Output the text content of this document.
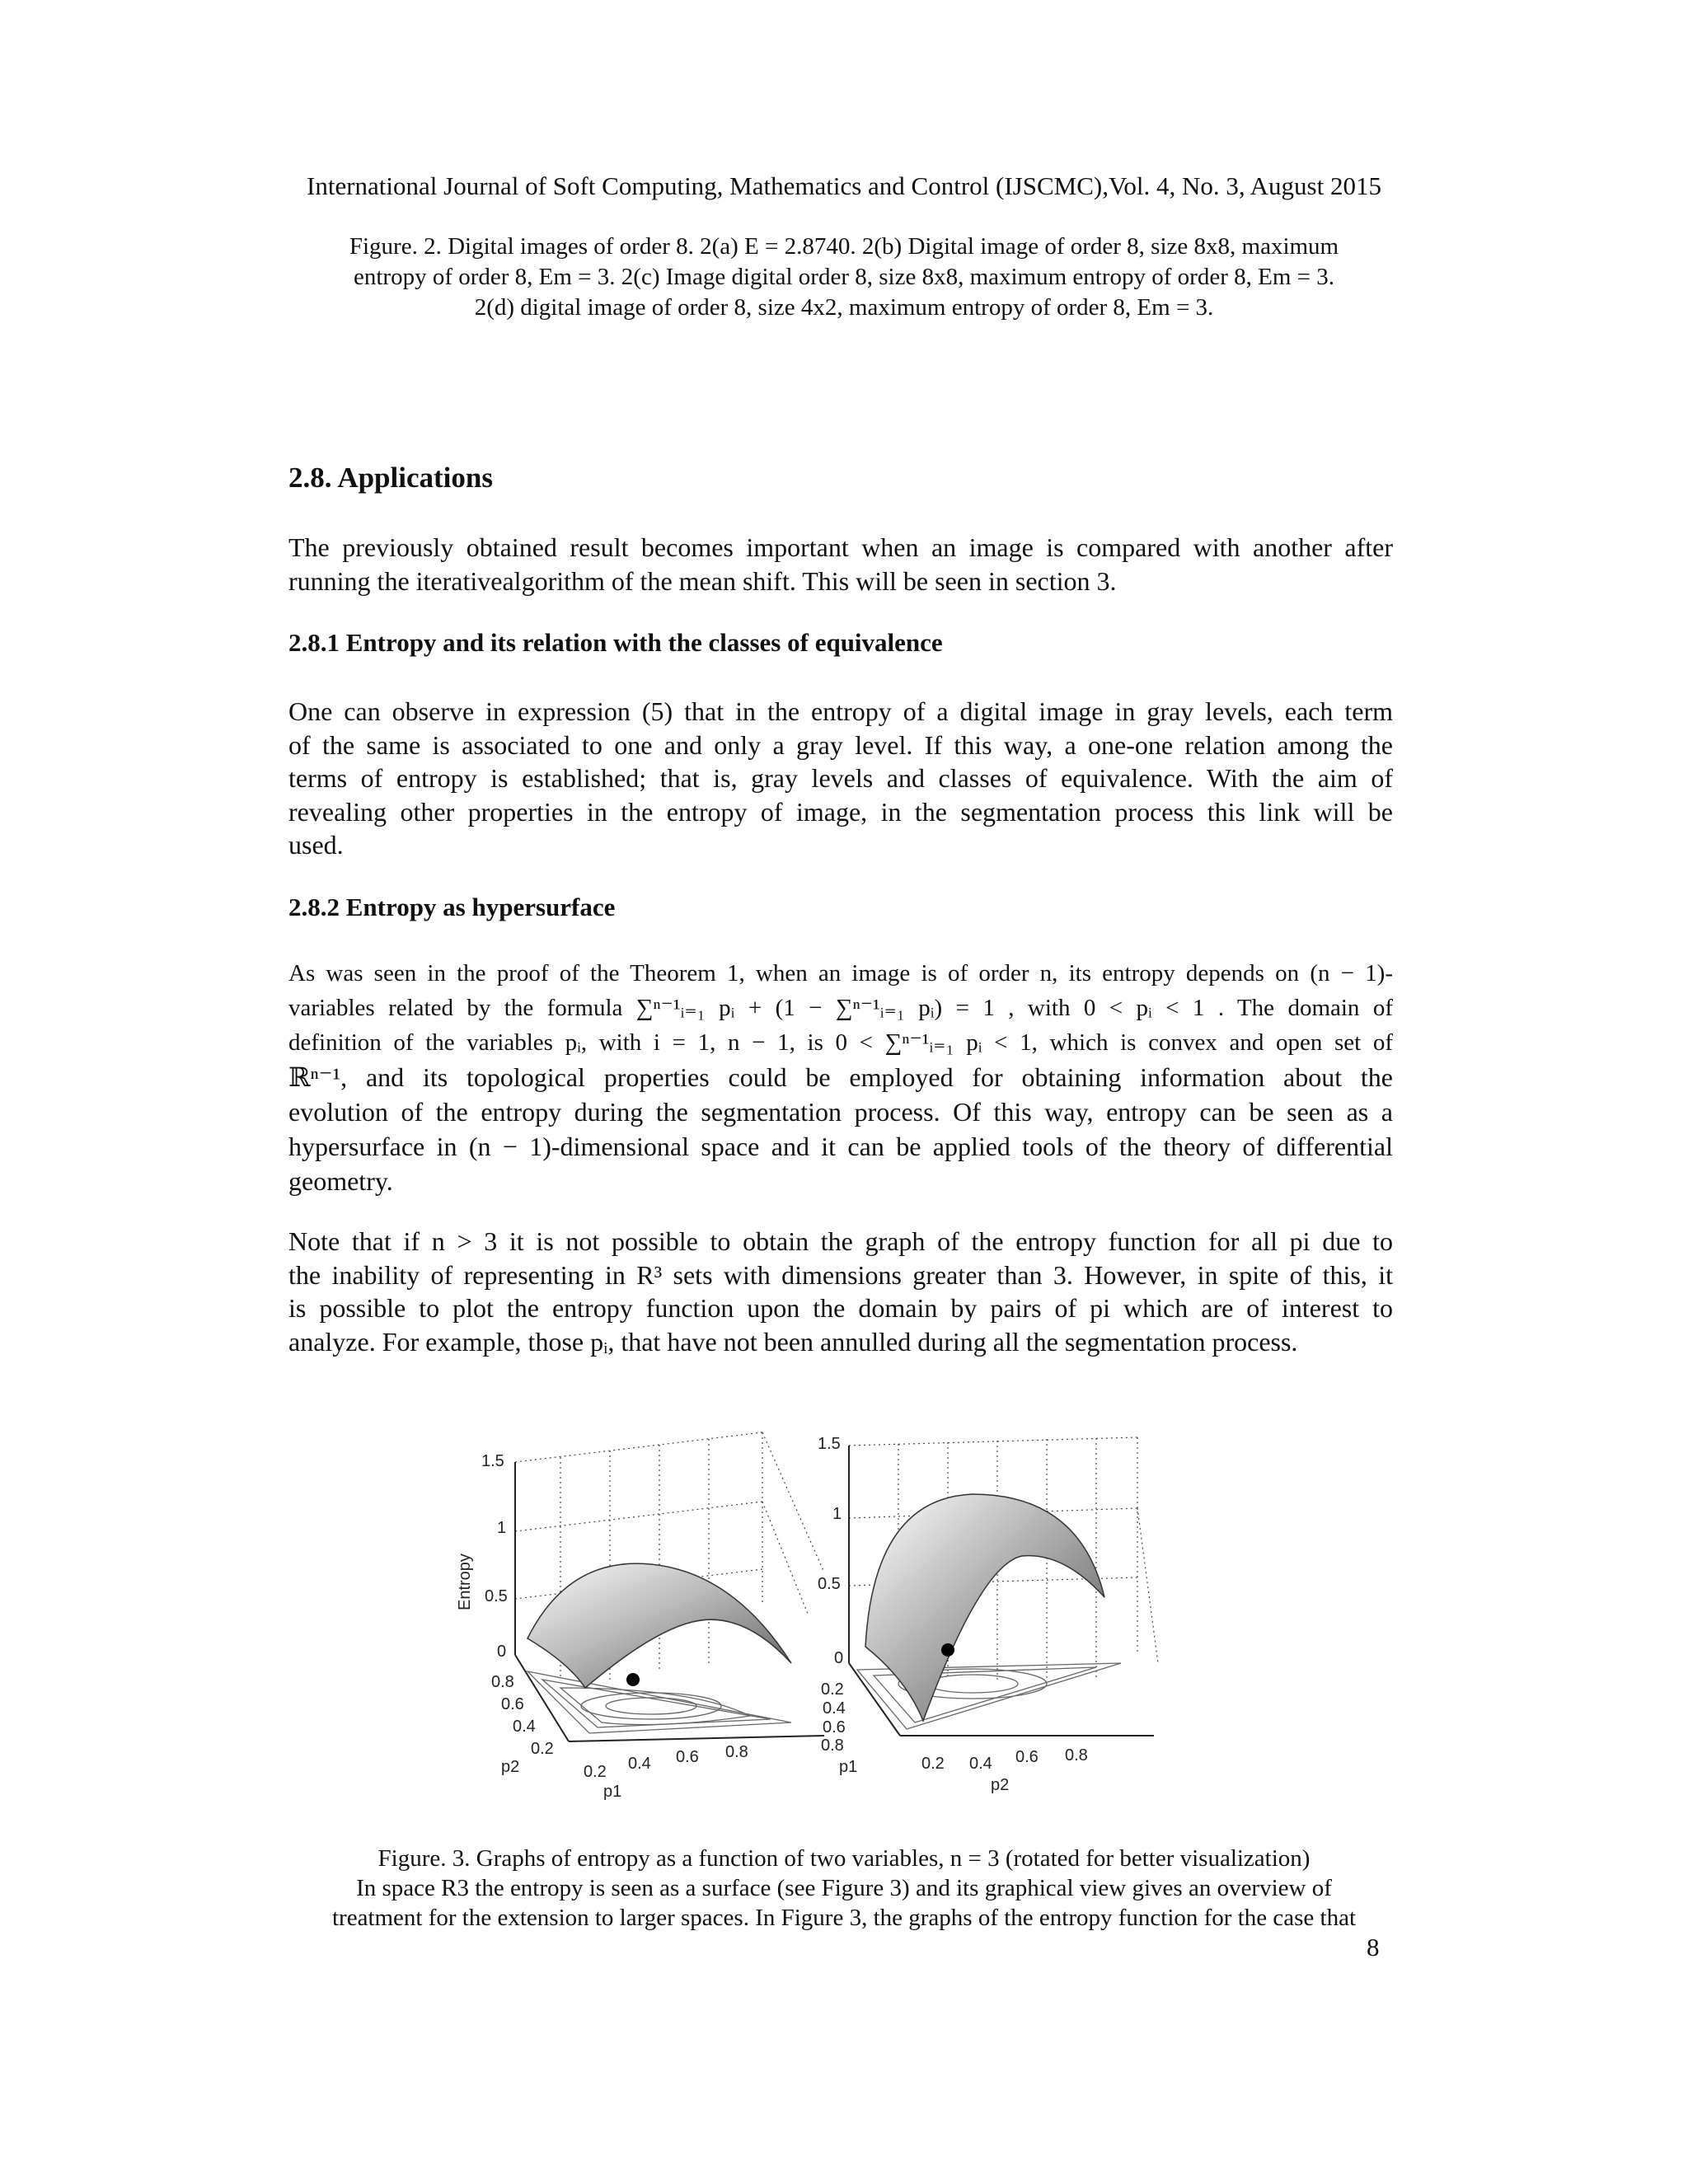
International Journal of Soft Computing, Mathematics and Control (IJSCMC),Vol. 4, No. 3, August 2015
Figure. 2. Digital images of order 8. 2(a) E = 2.8740. 2(b) Digital image of order 8, size 8x8, maximum
entropy of order 8, Em = 3. 2(c) Image digital order 8, size 8x8, maximum entropy of order 8, Em = 3.
2(d) digital image of order 8, size 4x2, maximum entropy of order 8, Em = 3.
2.8. Applications
The previously obtained result becomes important when an image is compared with another after
running the iterativealgorithm of the mean shift. This will be seen in section 3.
2.8.1 Entropy and its relation with the classes of equivalence
One can observe in expression (5) that in the entropy of a digital image in gray levels, each term
of the same is associated to one and only a gray level. If this way, a one-one relation among the
terms of entropy is established; that is, gray levels and classes of equivalence. With the aim of
revealing other properties in the entropy of image, in the segmentation process this link will be
used.
2.8.2 Entropy as hypersurface
As was seen in the proof of the Theorem 1, when an image is of order n, its entropy depends on (n − 1)-
variables related by the formula ∑ⁿ⁻¹ᵢ₌₁ pᵢ + (1 − ∑ⁿ⁻¹ᵢ₌₁ pᵢ) = 1 , with 0 < pᵢ < 1 . The domain of
definition of the variables pᵢ, with i = 1, n − 1, is 0 < ∑ⁿ⁻¹ᵢ₌₁ pᵢ < 1, which is convex and open set of
ℝⁿ⁻¹, and its topological properties could be employed for obtaining information about the
evolution of the entropy during the segmentation process. Of this way, entropy can be seen as a
hypersurface in (n − 1)-dimensional space and it can be applied tools of the theory of differential
geometry.
Note that if n > 3 it is not possible to obtain the graph of the entropy function for all pi due to
the inability of representing in R³ sets with dimensions greater than 3. However, in spite of this, it
is possible to plot the entropy function upon the domain by pairs of pi which are of interest to
analyze. For example, those pᵢ, that have not been annulled during all the segmentation process.
1.5
1
0.5
0
Entropy
0.8
0.6
0.4
0.2
p2	0.2 0.4 0.6 0.8
p1
1.5
1
0.5
0
0.2
0.4
0.6
0.8
p1	0.2 0.4 0.6 0.8
p2
Figure. 3. Graphs of entropy as a function of two variables, n = 3 (rotated for better visualization)
In space R3 the entropy is seen as a surface (see Figure 3) and its graphical view gives an overview of
treatment for the extension to larger spaces. In Figure 3, the graphs of the entropy function for the case that
8
